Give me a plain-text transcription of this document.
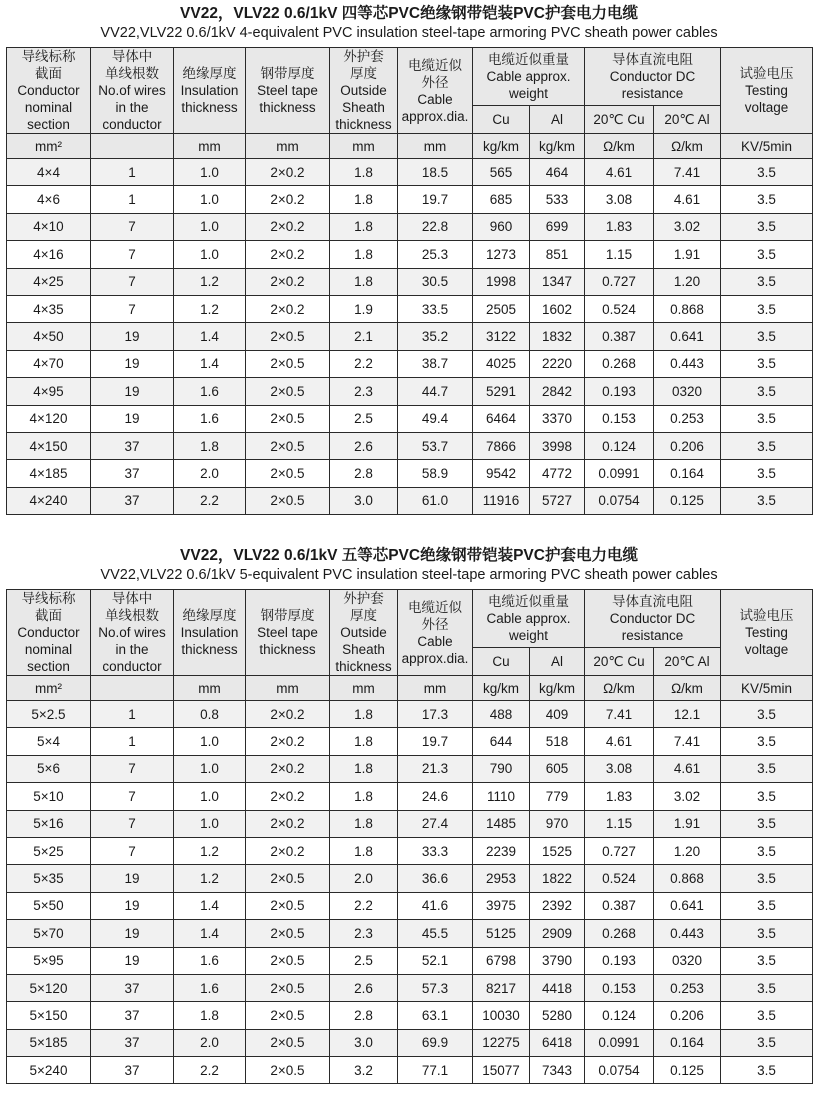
VV22，VLV22 0.6/1kV 四等芯PVC绝缘钢带铠装PVC护套电力电缆
VV22,VLV22 0.6/1kV 4-equivalent PVC insulation steel-tape armoring PVC sheath power cables
导线标称
截面
Conductor
nominal
section	导体中
单线根数
No.of wires
in the
conductor	绝缘厚度
Insulation
thickness	钢带厚度
Steel tape
thickness	外护套
厚度
Outside
Sheath
thickness	电缆近似
外径
Cable
approx.dia.	电缆近似重量
Cable approx.
weight		导体直流电阻
Conductor DC
resistance		试验电压
Testing
voltage

						Cu	Al	20℃ Cu	20℃ Al	
mm²		mm	mm	mm	mm	kg/km	kg/km	Ω/km	Ω/km	KV/5min
4×4	1	1.0	2×0.2	1.8	18.5	565	464	4.61	7.41	3.5
4×6	1	1.0	2×0.2	1.8	19.7	685	533	3.08	4.61	3.5
4×10	7	1.0	2×0.2	1.8	22.8	960	699	1.83	3.02	3.5
4×16	7	1.0	2×0.2	1.8	25.3	1273	851	1.15	1.91	3.5
4×25	7	1.2	2×0.2	1.8	30.5	1998	1347	0.727	1.20	3.5
4×35	7	1.2	2×0.2	1.9	33.5	2505	1602	0.524	0.868	3.5
4×50	19	1.4	2×0.5	2.1	35.2	3122	1832	0.387	0.641	3.5
4×70	19	1.4	2×0.5	2.2	38.7	4025	2220	0.268	0.443	3.5
4×95	19	1.6	2×0.5	2.3	44.7	5291	2842	0.193	0320	3.5
4×120	19	1.6	2×0.5	2.5	49.4	6464	3370	0.153	0.253	3.5
4×150	37	1.8	2×0.5	2.6	53.7	7866	3998	0.124	0.206	3.5
4×185	37	2.0	2×0.5	2.8	58.9	9542	4772	0.0991	0.164	3.5
4×240	37	2.2	2×0.5	3.0	61.0	11916	5727	0.0754	0.125	3.5
VV22，VLV22 0.6/1kV 五等芯PVC绝缘钢带铠装PVC护套电力电缆
VV22,VLV22 0.6/1kV 5-equivalent PVC insulation steel-tape armoring PVC sheath power cables
导线标称
截面
Conductor
nominal
section	导体中
单线根数
No.of wires
in the
conductor	绝缘厚度
Insulation
thickness	钢带厚度
Steel tape
thickness	外护套
厚度
Outside
Sheath
thickness	电缆近似
外径
Cable
approx.dia.	电缆近似重量
Cable approx.
weight		导体直流电阻
Conductor DC
resistance		试验电压
Testing
voltage

						Cu	Al	20℃ Cu	20℃ Al	
mm²		mm	mm	mm	mm	kg/km	kg/km	Ω/km	Ω/km	KV/5min
5×2.5	1	0.8	2×0.2	1.8	17.3	488	409	7.41	12.1	3.5
5×4	1	1.0	2×0.2	1.8	19.7	644	518	4.61	7.41	3.5
5×6	7	1.0	2×0.2	1.8	21.3	790	605	3.08	4.61	3.5
5×10	7	1.0	2×0.2	1.8	24.6	1110	779	1.83	3.02	3.5
5×16	7	1.0	2×0.2	1.8	27.4	1485	970	1.15	1.91	3.5
5×25	7	1.2	2×0.2	1.8	33.3	2239	1525	0.727	1.20	3.5
5×35	19	1.2	2×0.5	2.0	36.6	2953	1822	0.524	0.868	3.5
5×50	19	1.4	2×0.5	2.2	41.6	3975	2392	0.387	0.641	3.5
5×70	19	1.4	2×0.5	2.3	45.5	5125	2909	0.268	0.443	3.5
5×95	19	1.6	2×0.5	2.5	52.1	6798	3790	0.193	0320	3.5
5×120	37	1.6	2×0.5	2.6	57.3	8217	4418	0.153	0.253	3.5
5×150	37	1.8	2×0.5	2.8	63.1	10030	5280	0.124	0.206	3.5
5×185	37	2.0	2×0.5	3.0	69.9	12275	6418	0.0991	0.164	3.5
5×240	37	2.2	2×0.5	3.2	77.1	15077	7343	0.0754	0.125	3.5
